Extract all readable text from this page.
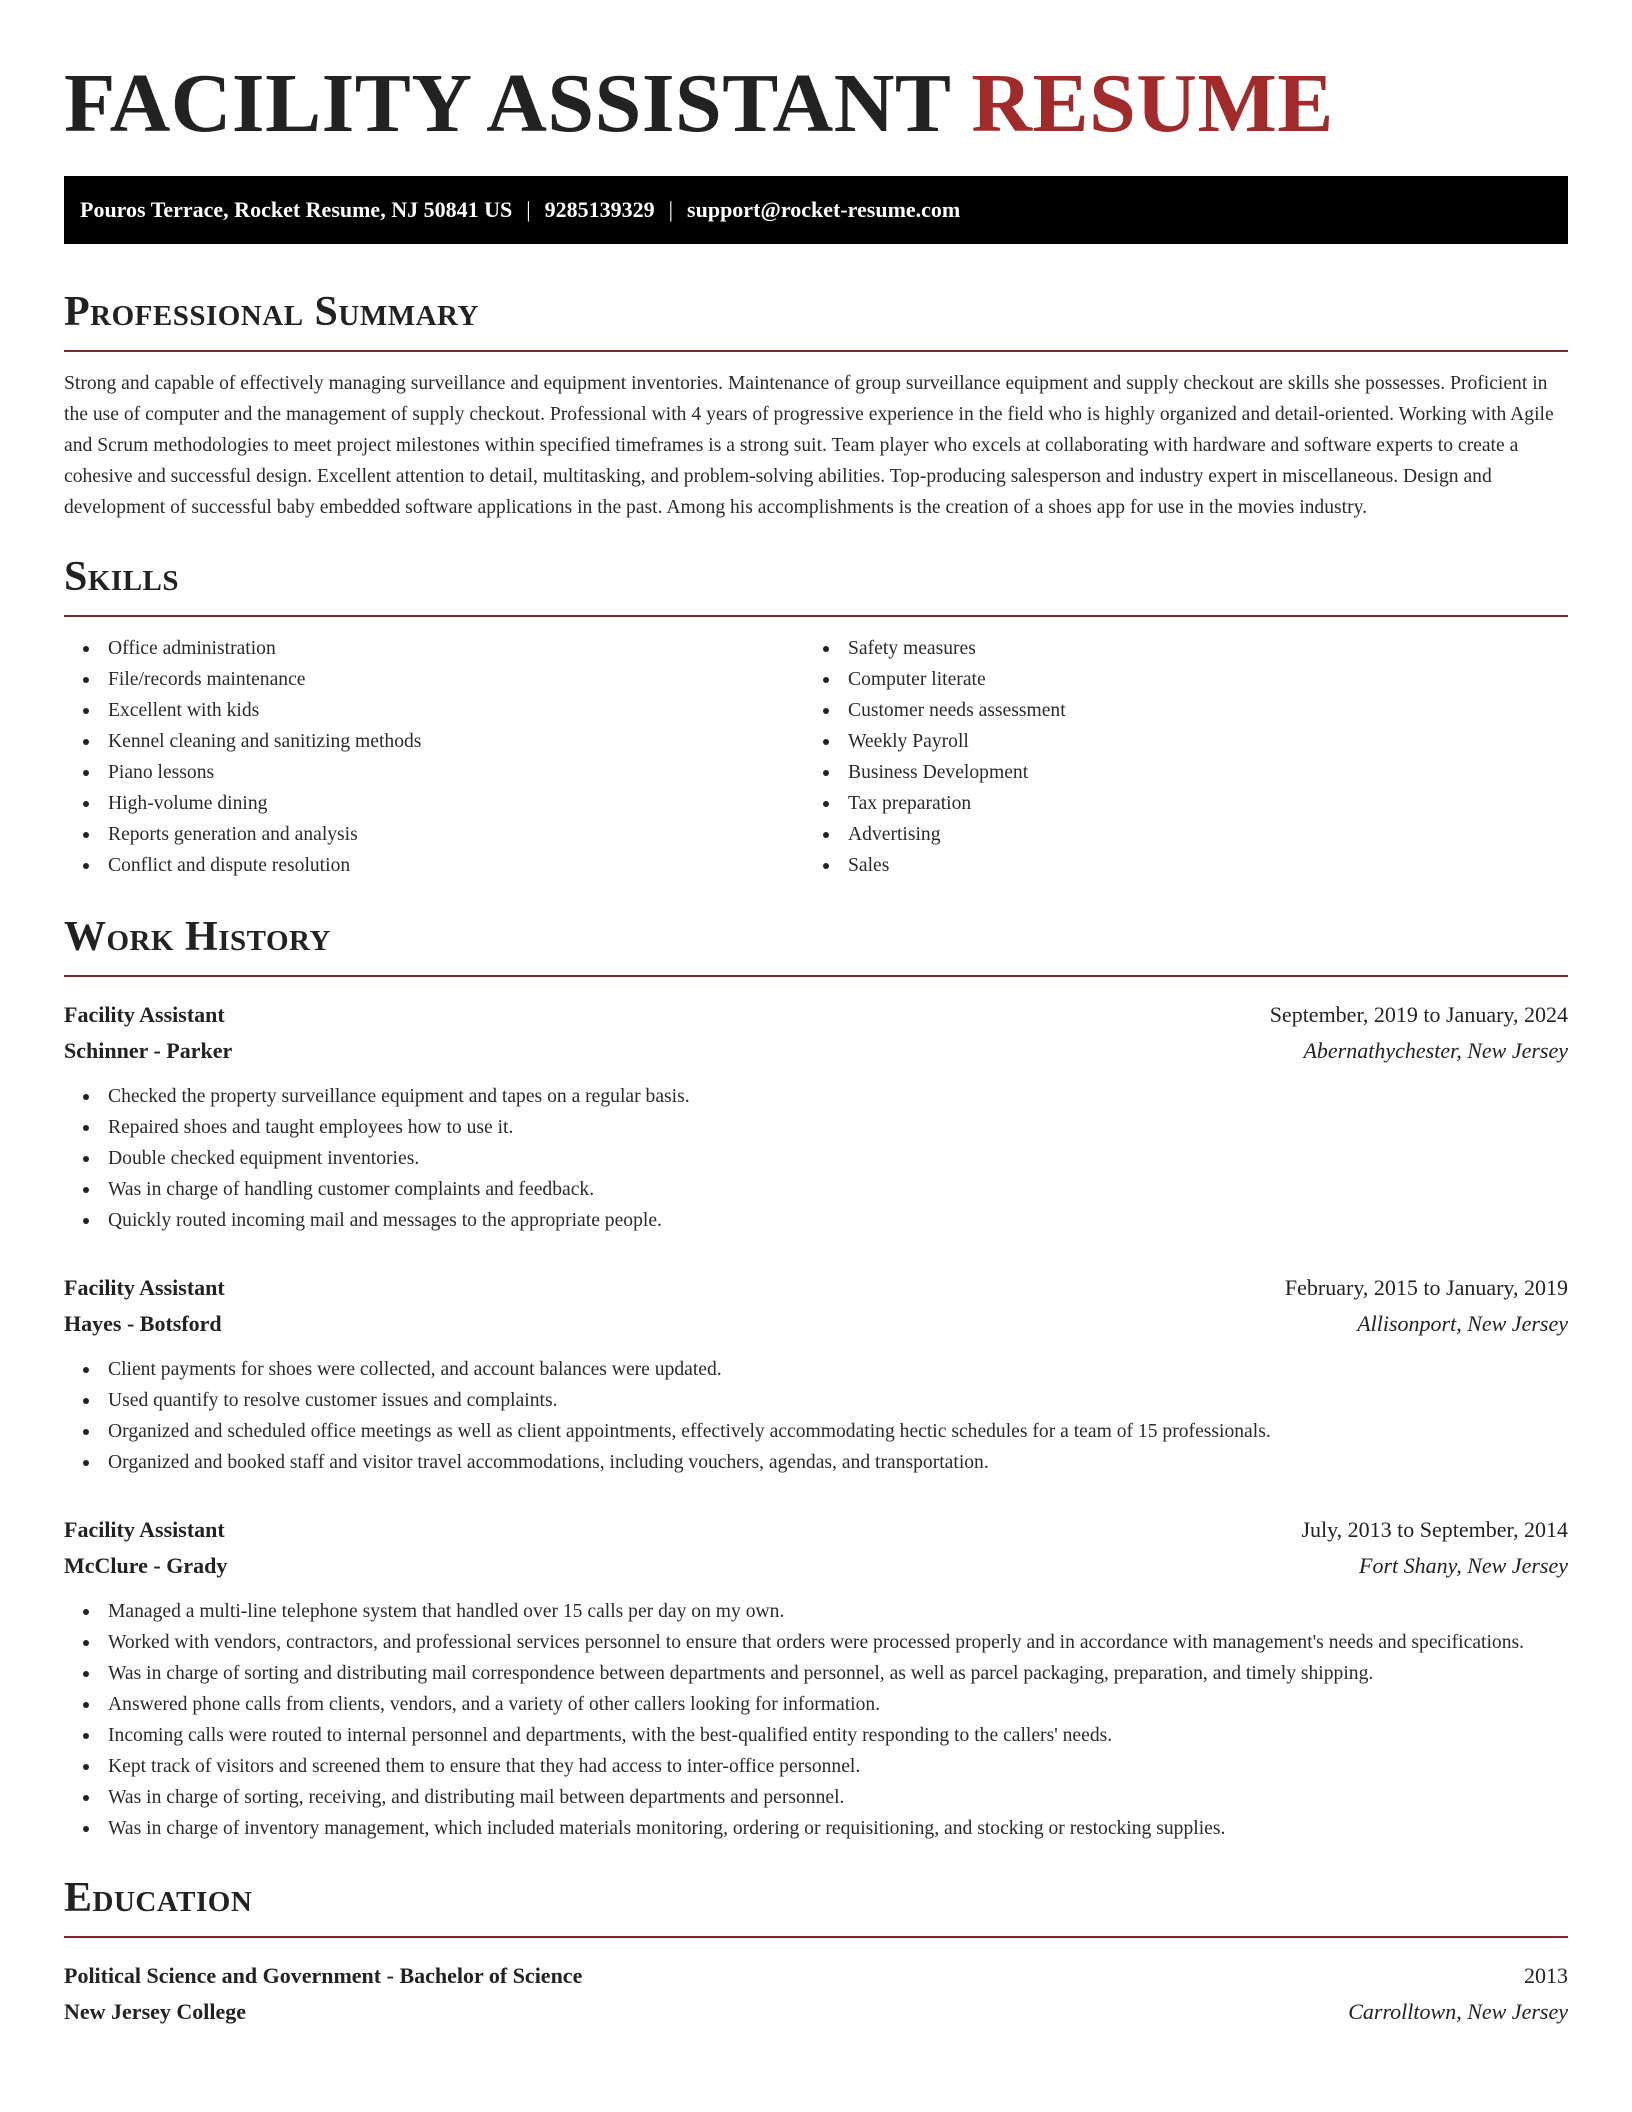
FACILITY ASSISTANT RESUME
Pouros Terrace, Rocket Resume, NJ 50841 US | 9285139329 | support@rocket-resume.com
Professional Summary

Strong and capable of effectively managing surveillance and equipment inventories. Maintenance of group surveillance equipment and supply checkout are skills she possesses. Proficient in the use of computer and the management of supply checkout. Professional with 4 years of progressive experience in the field who is highly organized and detail-oriented. Working with Agile and Scrum methodologies to meet project milestones within specified timeframes is a strong suit. Team player who excels at collaborating with hardware and software experts to create a cohesive and successful design. Excellent attention to detail, multitasking, and problem-solving abilities. Top-producing salesperson and industry expert in miscellaneous. Design and development of successful baby embedded software applications in the past. Among his accomplishments is the creation of a shoes app for use in the movies industry.

Skills
Office administration
File/records maintenance
Excellent with kids
Kennel cleaning and sanitizing methods
Piano lessons
High-volume dining
Reports generation and analysis
Conflict and dispute resolution
Safety measures
Computer literate
Customer needs assessment
Weekly Payroll
Business Development
Tax preparation
Advertising
Sales
Work History
Facility Assistant	September, 2019 to January, 2024
Schinner - Parker	Abernathychester, New Jersey
Checked the property surveillance equipment and tapes on a regular basis.
Repaired shoes and taught employees how to use it.
Double checked equipment inventories.
Was in charge of handling customer complaints and feedback.
Quickly routed incoming mail and messages to the appropriate people.
Facility Assistant	February, 2015 to January, 2019
Hayes - Botsford	Allisonport, New Jersey
Client payments for shoes were collected, and account balances were updated.
Used quantify to resolve customer issues and complaints.
Organized and scheduled office meetings as well as client appointments, effectively accommodating hectic schedules for a team of 15 professionals.
Organized and booked staff and visitor travel accommodations, including vouchers, agendas, and transportation.
Facility Assistant	July, 2013 to September, 2014
McClure - Grady	Fort Shany, New Jersey
Managed a multi-line telephone system that handled over 15 calls per day on my own.
Worked with vendors, contractors, and professional services personnel to ensure that orders were processed properly and in accordance with management's needs and specifications.
Was in charge of sorting and distributing mail correspondence between departments and personnel, as well as parcel packaging, preparation, and timely shipping.
Answered phone calls from clients, vendors, and a variety of other callers looking for information.
Incoming calls were routed to internal personnel and departments, with the best-qualified entity responding to the callers' needs.
Kept track of visitors and screened them to ensure that they had access to inter-office personnel.
Was in charge of sorting, receiving, and distributing mail between departments and personnel.
Was in charge of inventory management, which included materials monitoring, ordering or requisitioning, and stocking or restocking supplies.
Education
Political Science and Government - Bachelor of Science	2013
New Jersey College	Carrolltown, New Jersey
